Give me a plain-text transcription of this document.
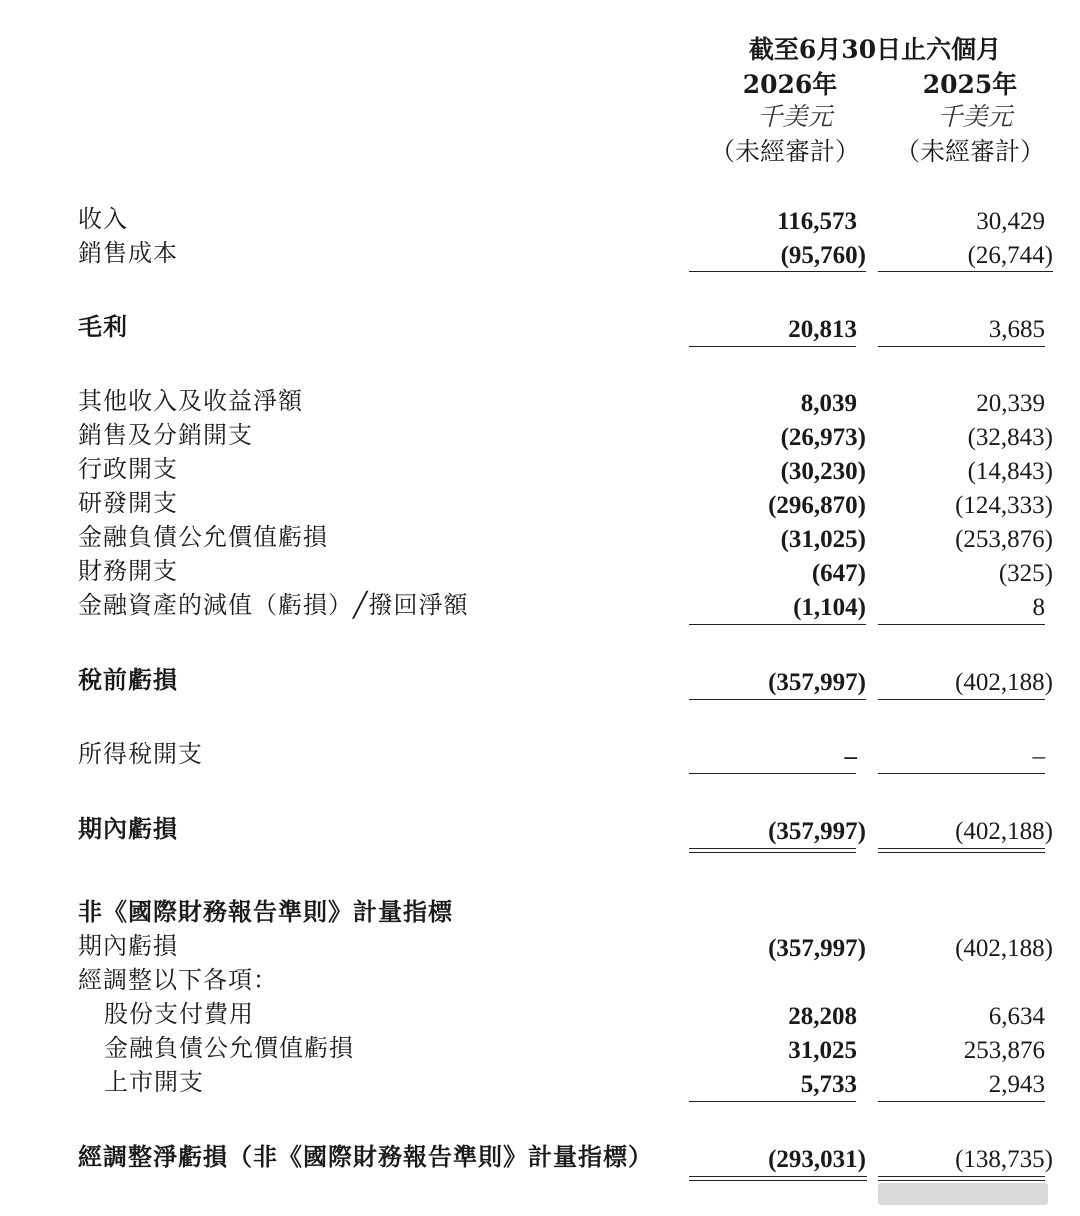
截至6月30日止六個月
2026年	2025年
千美元	千美元
（未經審計）	（未經審計）
收入	116,573	30,429
銷售成本	(95,760)	(26,744)
毛利	20,813	3,685
其他收入及收益淨額	8,039	20,339
銷售及分銷開支	(26,973)	(32,843)
行政開支	(30,230)	(14,843)
研發開支	(296,870)	(124,333)
金融負債公允價值虧損	(31,025)	(253,876)
財務開支	(647)	(325)
金融資產的減值（虧損）╱撥回淨額	(1,104)	8
稅前虧損	(357,997)	(402,188)
所得稅開支	–	–
期內虧損	(357,997)	(402,188)
非《國際財務報告準則》計量指標
期內虧損	(357,997)	(402,188)
經調整以下各項：
股份支付費用	28,208	6,634
金融負債公允價值虧損	31,025	253,876
上市開支	5,733	2,943
經調整淨虧損（非《國際財務報告準則》計量指標）	(293,031)	(138,735)
